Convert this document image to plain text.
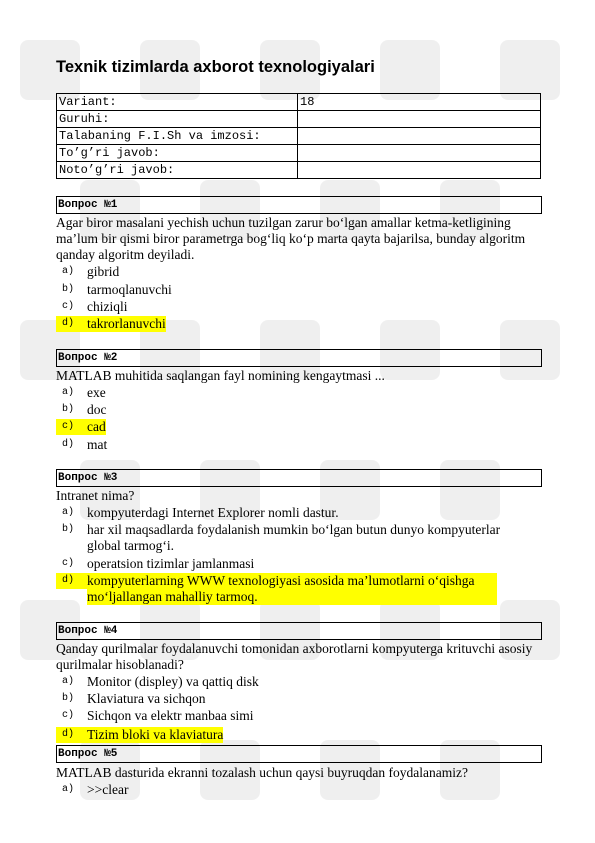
Texnik tizimlarda axborot texnologiyalari
Variant:	18
Guruhi:	
Talabaning F.I.Sh va imzosi:	
To’g’ri javob:	
Noto’g’ri javob:	
Вопрос №1
Agar biror masalani yechish uchun tuzilgan zarur bo‘lgan amallar ketma-ketligining ma’lum bir qismi biror parametrga bog‘liq ko‘p marta qayta bajarilsa, bunday algoritm qanday algoritm deyiladi.
a) gibrid
b) tarmoqlanuvchi
c) chiziqli
d) takrorlanuvchi
Вопрос №2
MATLAB muhitida saqlangan fayl nomining kengaytmasi ...
a) exe
b) doc
c) cad
d) mat
Вопрос №3
Intranet nima?
a) kompyuterdagi Internet Explorer nomli dastur.
b) har xil maqsadlarda foydalanish mumkin bo‘lgan butun dunyo kompyuterlar global tarmog‘i.
c) operatsion tizimlar jamlanmasi
d) kompyuterlarning WWW texnologiyasi asosida ma’lumotlarni o‘qishga mo‘ljallangan mahalliy tarmoq.
Вопрос №4
Qanday qurilmalar foydalanuvchi tomonidan axborotlarni kompyuterga krituvchi asosiy qurilmalar hisoblanadi?
a) Monitor (displey) va qattiq disk
b) Klaviatura va sichqon
c) Sichqon va elektr manbaa simi
d) Tizim bloki va klaviatura
Вопрос №5
MATLAB dasturida ekranni tozalash uchun qaysi buyruqdan foydalanamiz?
a) >>clear
